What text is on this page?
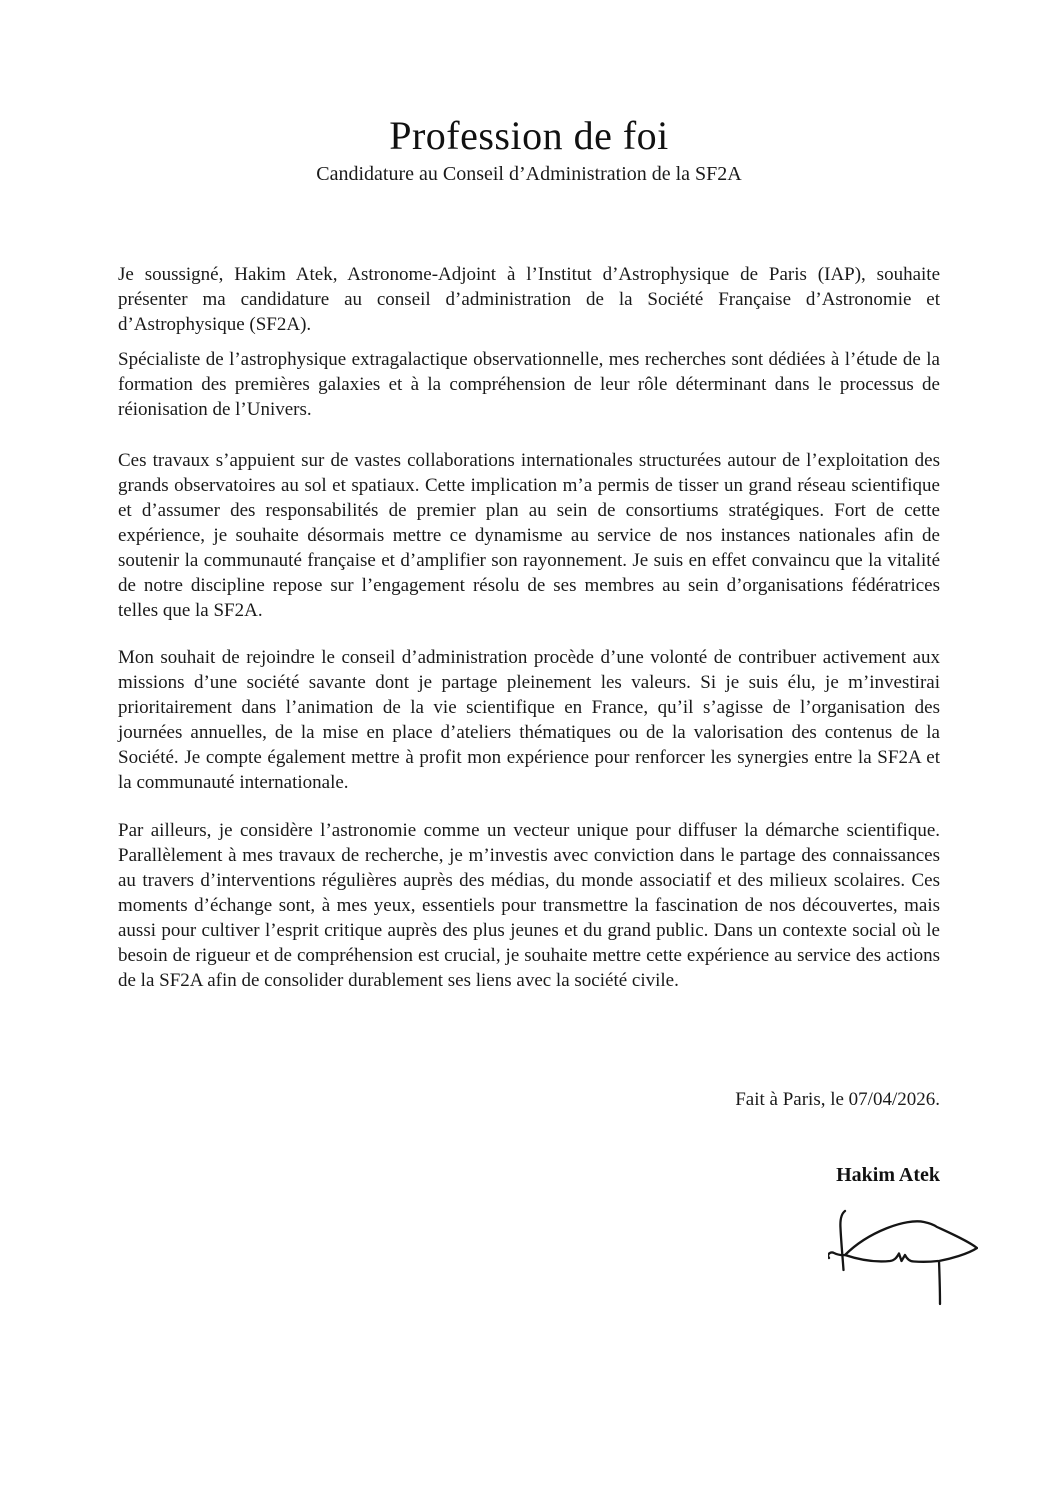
Profession de foi
Candidature au Conseil d’Administration de la SF2A

Je soussigné, Hakim Atek, Astronome-Adjoint à l’Institut d’Astrophysique de Paris (IAP), souhaite présenter ma candidature au conseil d’administration de la Société Française d’Astronomie et d’Astrophysique (SF2A).

Spécialiste de l’astrophysique extragalactique observationnelle, mes recherches sont dédiées à l’étude de la formation des premières galaxies et à la compréhension de leur rôle déterminant dans le processus de réionisation de l’Univers.

Ces travaux s’appuient sur de vastes collaborations internationales structurées autour de l’exploitation des grands observatoires au sol et spatiaux. Cette implication m’a permis de tisser un grand réseau scientifique et d’assumer des responsabilités de premier plan au sein de consortiums stratégiques. Fort de cette expérience, je souhaite désormais mettre ce dynamisme au service de nos instances nationales afin de soutenir la communauté française et d’amplifier son rayonnement. Je suis en effet convaincu que la vitalité de notre discipline repose sur l’engagement résolu de ses membres au sein d’organisations fédératrices telles que la SF2A.

Mon souhait de rejoindre le conseil d’administration procède d’une volonté de contribuer activement aux missions d’une société savante dont je partage pleinement les valeurs. Si je suis élu, je m’investirai prioritairement dans l’animation de la vie scientifique en France, qu’il s’agisse de l’organisation des journées annuelles, de la mise en place d’ateliers thématiques ou de la valorisation des contenus de la Société. Je compte également mettre à profit mon expérience pour renforcer les synergies entre la SF2A et la communauté internationale.

Par ailleurs, je considère l’astronomie comme un vecteur unique pour diffuser la démarche scientifique. Parallèlement à mes travaux de recherche, je m’investis avec conviction dans le partage des connaissances au travers d’interventions régulières auprès des médias, du monde associatif et des milieux scolaires. Ces moments d’échange sont, à mes yeux, essentiels pour transmettre la fascination de nos découvertes, mais aussi pour cultiver l’esprit critique auprès des plus jeunes et du grand public. Dans un contexte social où le besoin de rigueur et de compréhension est crucial, je souhaite mettre cette expérience au service des actions de la SF2A afin de consolider durablement ses liens avec la société civile.

Fait à Paris, le 07/04/2026.
Hakim Atek
